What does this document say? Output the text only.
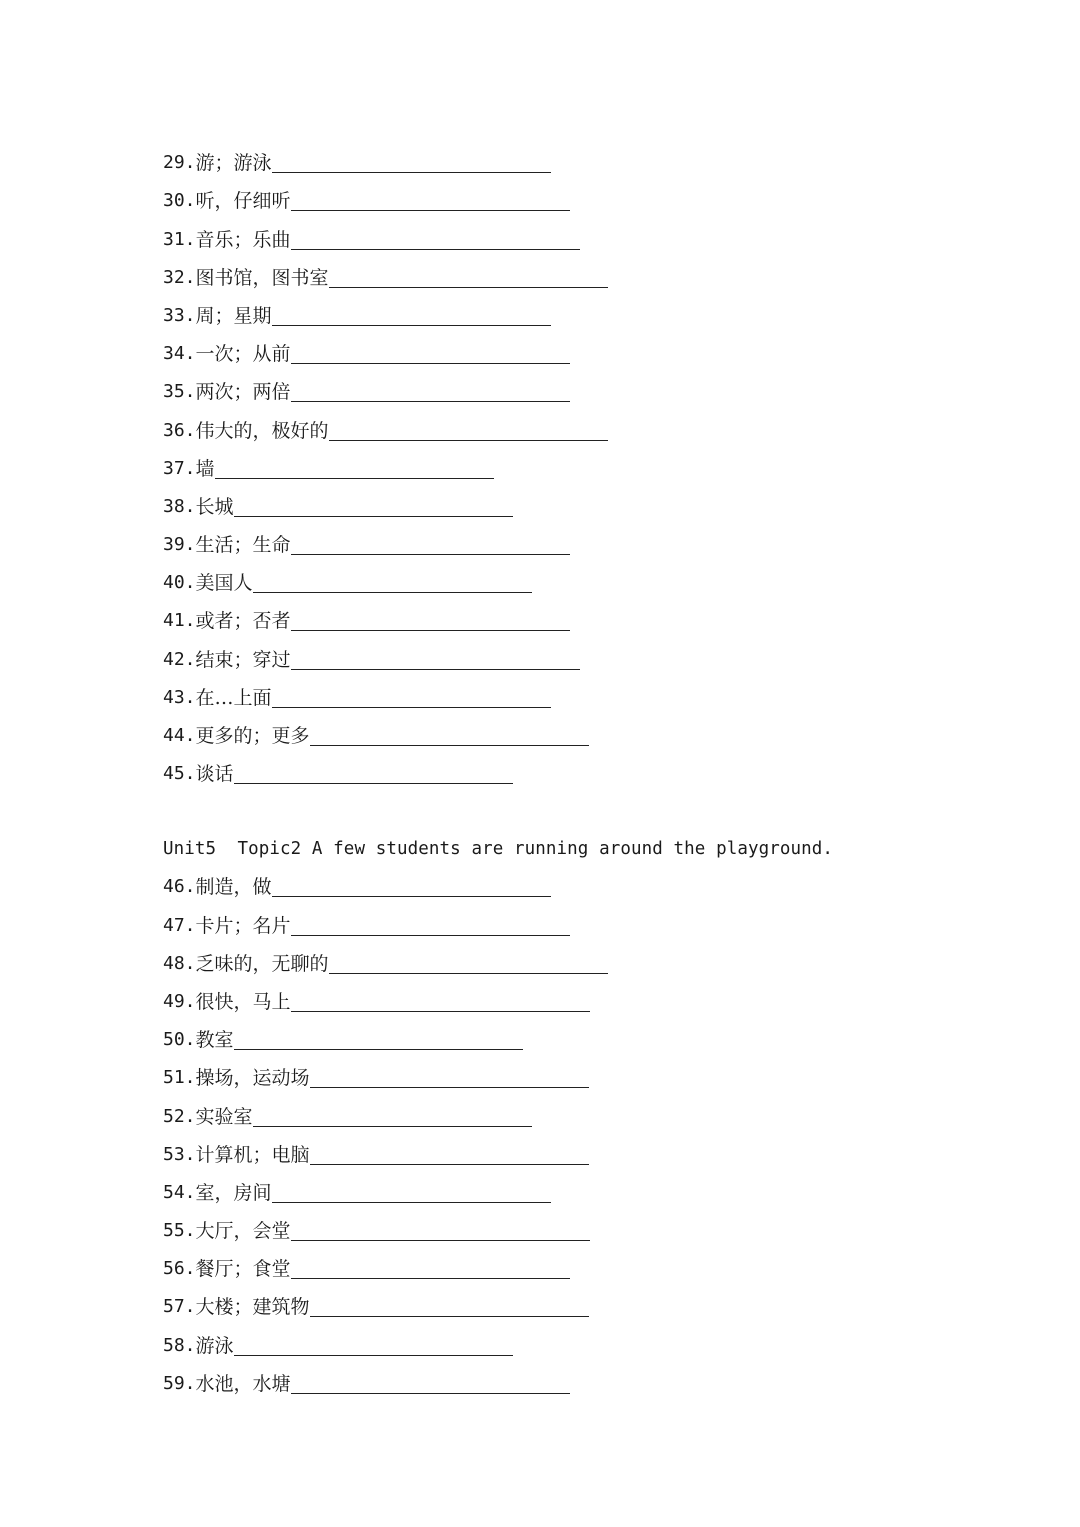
29. 游；游泳
30. 听，仔细听
31. 音乐；乐曲
32. 图书馆，图书室
33. 周；星期
34. 一次；从前
35. 两次；两倍
36. 伟大的，极好的
37. 墙
38. 长城
39. 生活；生命
40. 美国人
41. 或者；否者
42. 结束；穿过
43. 在…上面
44. 更多的；更多
45. 谈话
Unit5  Topic2 A few students are running around the playground.
46. 制造，做
47. 卡片；名片
48. 乏味的，无聊的
49. 很快，马上
50. 教室
51. 操场，运动场
52. 实验室
53. 计算机；电脑
54. 室，房间
55. 大厅，会堂
56. 餐厅；食堂
57. 大楼；建筑物
58. 游泳
59. 水池，水塘
